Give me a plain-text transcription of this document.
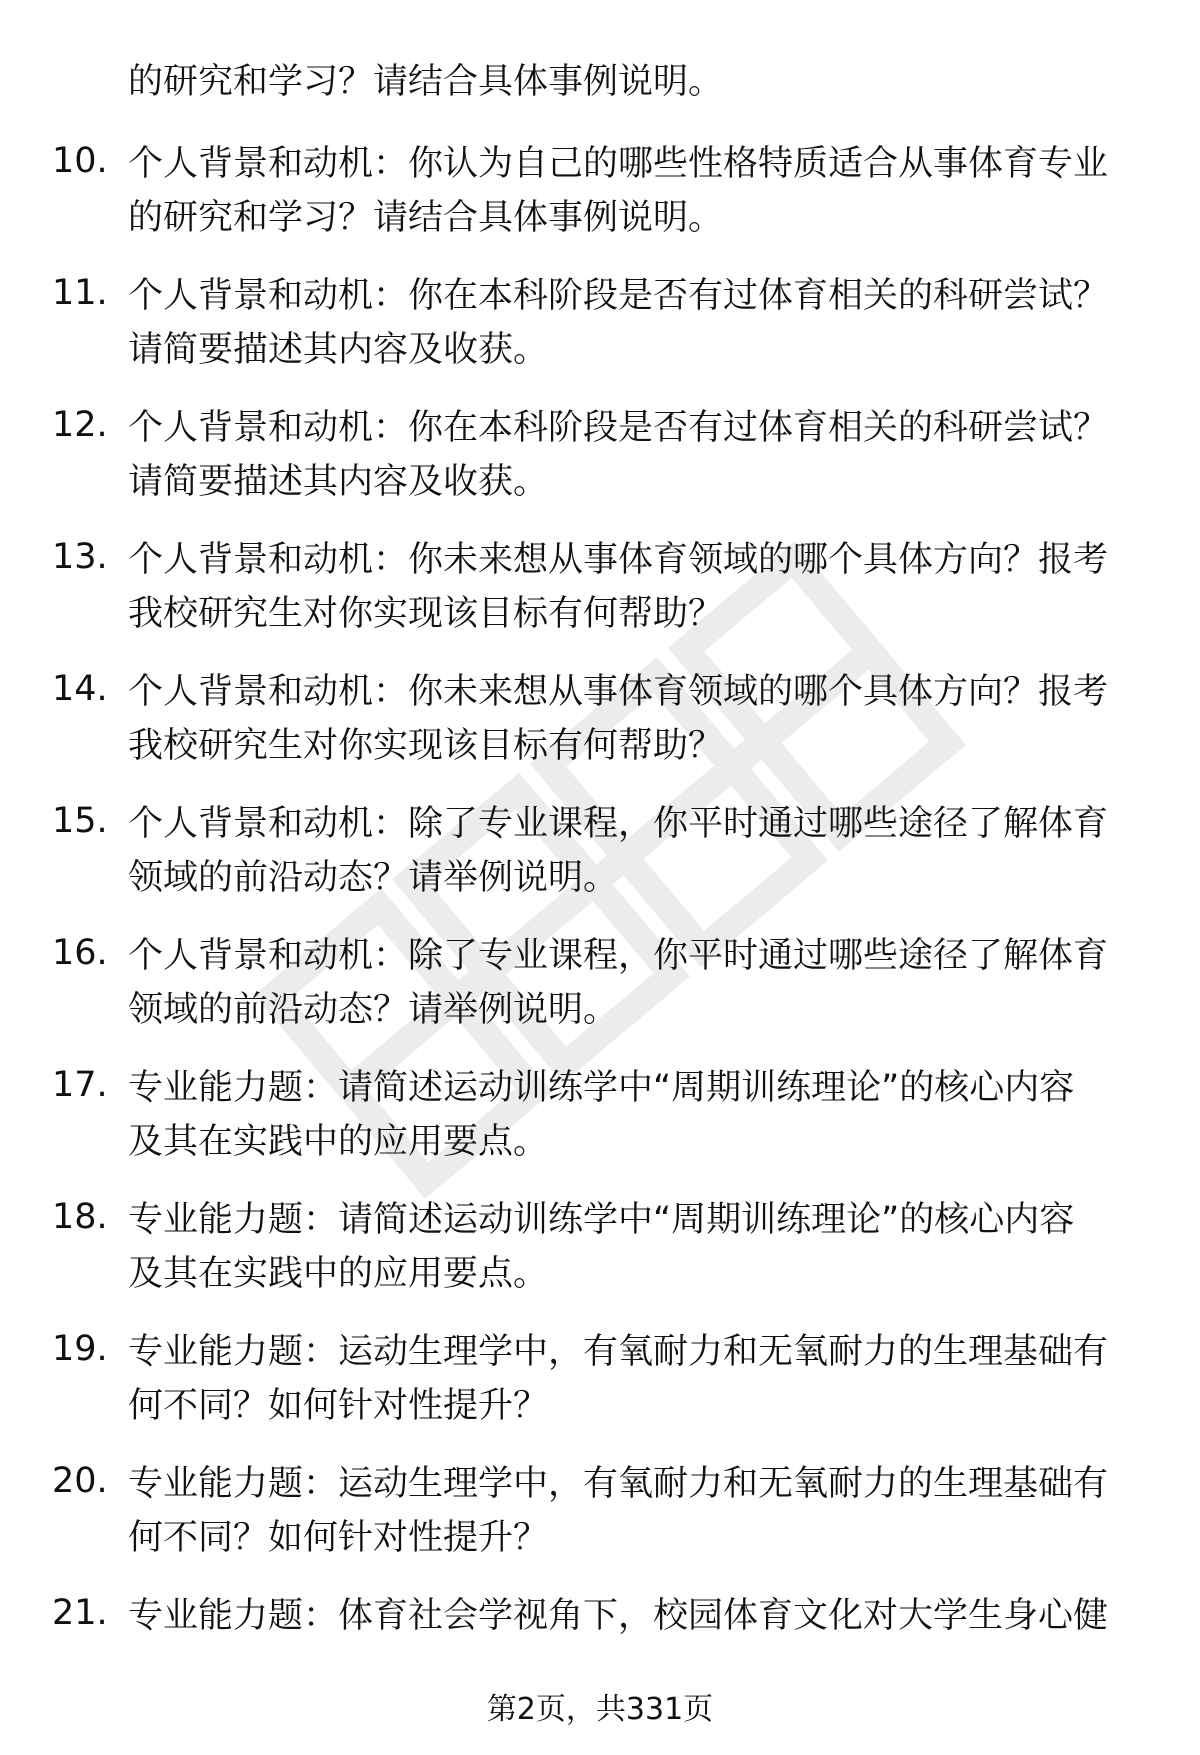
的研究和学习？请结合具体事例说明。
10. 个人背景和动机：你认为自己的哪些性格特质适合从事体育专业
的研究和学习？请结合具体事例说明。
11. 个人背景和动机：你在本科阶段是否有过体育相关的科研尝试？
请简要描述其内容及收获。
12. 个人背景和动机：你在本科阶段是否有过体育相关的科研尝试？
请简要描述其内容及收获。
13. 个人背景和动机：你未来想从事体育领域的哪个具体方向？报考
我校研究生对你实现该目标有何帮助？
14. 个人背景和动机：你未来想从事体育领域的哪个具体方向？报考
我校研究生对你实现该目标有何帮助？
15. 个人背景和动机：除了专业课程，你平时通过哪些途径了解体育
领域的前沿动态？请举例说明。
16. 个人背景和动机：除了专业课程，你平时通过哪些途径了解体育
领域的前沿动态？请举例说明。
17. 专业能力题：请简述运动训练学中“周期训练理论”的核心内容
及其在实践中的应用要点。
18. 专业能力题：请简述运动训练学中“周期训练理论”的核心内容
及其在实践中的应用要点。
19. 专业能力题：运动生理学中，有氧耐力和无氧耐力的生理基础有
何不同？如何针对性提升？
20. 专业能力题：运动生理学中，有氧耐力和无氧耐力的生理基础有
何不同？如何针对性提升？
21. 专业能力题：体育社会学视角下，校园体育文化对大学生身心健
第2页，共331页
